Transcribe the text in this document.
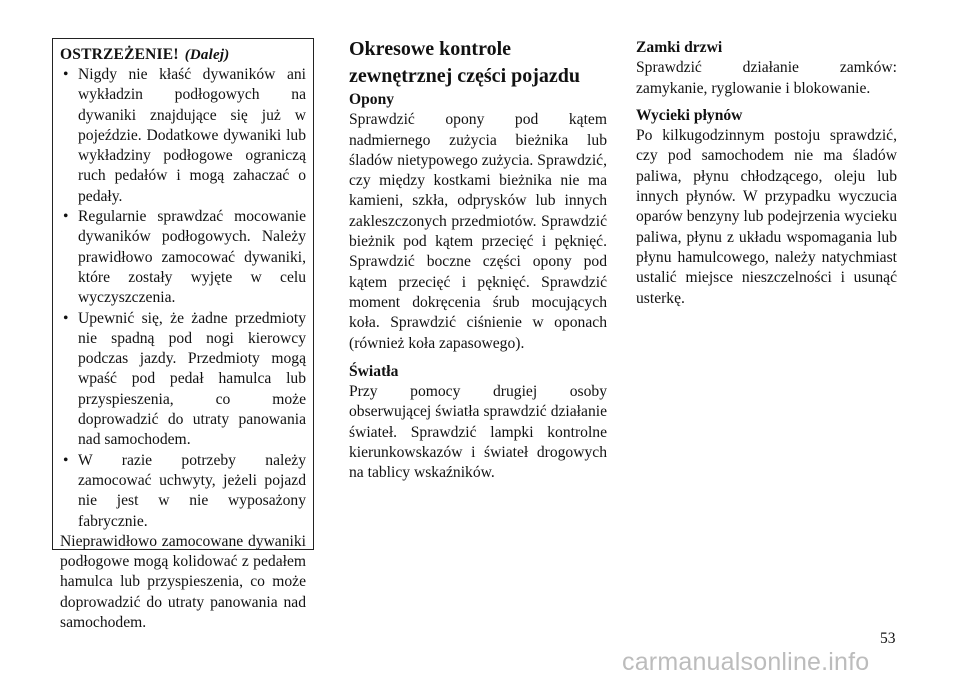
OSTRZEŻENIE! (Dalej)
• Nigdy nie kłaść dywaników ani wykładzin podłogowych na dywaniki znajdujące się już w pojeździe. Dodatkowe dywaniki lub wykładziny podłogowe ograniczą ruch pedałów i mogą zahaczać o pedały.
• Regularnie sprawdzać mocowanie dywaników podłogowych. Należy prawidłowo zamocować dywaniki, które zostały wyjęte w celu wyczyszczenia.
• Upewnić się, że żadne przedmioty nie spadną pod nogi kierowcy podczas jazdy. Przedmioty mogą wpaść pod pedał hamulca lub przyspieszenia, co może doprowadzić do utraty panowania nad samochodem.
• W razie potrzeby należy zamocować uchwyty, jeżeli pojazd nie jest w nie wyposażony fabrycznie.

Nieprawidłowo zamocowane dywaniki podłogowe mogą kolidować z pedałem hamulca lub przyspieszenia, co może doprowadzić do utraty panowania nad samochodem.

Okresowe kontrole
zewnętrznej części pojazdu
Opony

Sprawdzić opony pod kątem nadmiernego zużycia bieżnika lub śladów nietypowego zużycia. Sprawdzić, czy między kostkami bieżnika nie ma kamieni, szkła, odprysków lub innych zakleszczonych przedmiotów. Sprawdzić bieżnik pod kątem przecięć i pęknięć. Sprawdzić boczne części opony pod kątem przecięć i pęknięć. Sprawdzić moment dokręcenia śrub mocujących koła. Sprawdzić ciśnienie w oponach (również koła zapasowego).

Światła

Przy pomocy drugiej osoby obserwującej światła sprawdzić działanie świateł. Sprawdzić lampki kontrolne kierunkowskazów i świateł drogowych na tablicy wskaźników.

Zamki drzwi

Sprawdzić działanie zamków: zamykanie, ryglowanie i blokowanie.

Wycieki płynów

Po kilkugodzinnym postoju sprawdzić, czy pod samochodem nie ma śladów paliwa, płynu chłodzącego, oleju lub innych płynów. W przypadku wyczucia oparów benzyny lub podejrzenia wycieku paliwa, płynu z układu wspomagania lub płynu hamulcowego, należy natychmiast ustalić miejsce nieszczelności i usunąć usterkę.

53
carmanualsonline.info
